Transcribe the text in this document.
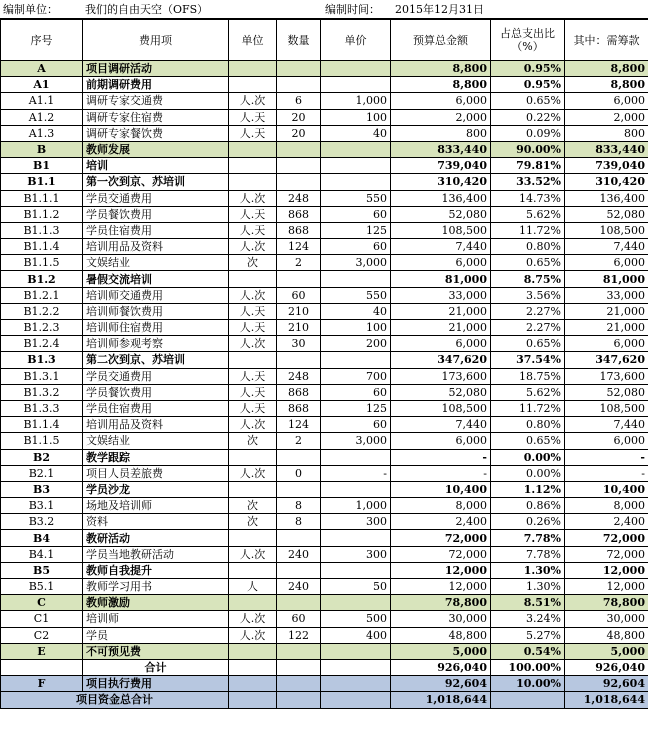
编制单位：	我们的自由天空（OFS）	编制时间：	2015年12月31日
序号	费用项	单位	数量	单价	预算总金额	占总支出比（%）	其中：需筹款
A	项目调研活动				8,800	0.95%	8,800
A1	前期调研费用				8,800	0.95%	8,800
A1.1	调研专家交通费	人.次	6	1,000	6,000	0.65%	6,000
A1.2	调研专家住宿费	人.天	20	100	2,000	0.22%	2,000
A1.3	调研专家餐饮费	人.天	20	40	800	0.09%	800
B	教师发展				833,440	90.00%	833,440
B1	培训				739,040	79.81%	739,040
B1.1	第一次到京、苏培训				310,420	33.52%	310,420
B1.1.1	学员交通费用	人.次	248	550	136,400	14.73%	136,400
B1.1.2	学员餐饮费用	人.天	868	60	52,080	5.62%	52,080
B1.1.3	学员住宿费用	人.天	868	125	108,500	11.72%	108,500
B1.1.4	培训用品及资料	人.次	124	60	7,440	0.80%	7,440
B1.1.5	文娱结业	次	2	3,000	6,000	0.65%	6,000
B1.2	暑假交流培训				81,000	8.75%	81,000
B1.2.1	培训师交通费用	人.次	60	550	33,000	3.56%	33,000
B1.2.2	培训师餐饮费用	人.天	210	40	21,000	2.27%	21,000
B1.2.3	培训师住宿费用	人.天	210	100	21,000	2.27%	21,000
B1.2.4	培训师参观考察	人.次	30	200	6,000	0.65%	6,000
B1.3	第二次到京、苏培训				347,620	37.54%	347,620
B1.3.1	学员交通费用	人.天	248	700	173,600	18.75%	173,600
B1.3.2	学员餐饮费用	人.天	868	60	52,080	5.62%	52,080
B1.3.3	学员住宿费用	人.天	868	125	108,500	11.72%	108,500
B1.1.4	培训用品及资料	人.次	124	60	7,440	0.80%	7,440
B1.1.5	文娱结业	次	2	3,000	6,000	0.65%	6,000
B2	教学跟踪				-	0.00%	-
B2.1	项目人员差旅费	人.次	0	-	-	0.00%	-
B3	学员沙龙				10,400	1.12%	10,400
B3.1	场地及培训师	次	8	1,000	8,000	0.86%	8,000
B3.2	资料	次	8	300	2,400	0.26%	2,400
B4	教研活动				72,000	7.78%	72,000
B4.1	学员当地教研活动	人.次	240	300	72,000	7.78%	72,000
B5	教师自我提升				12,000	1.30%	12,000
B5.1	教师学习用书	人	240	50	12,000	1.30%	12,000
C	教师激励				78,800	8.51%	78,800
C1	培训师	人.次	60	500	30,000	3.24%	30,000
C2	学员	人.次	122	400	48,800	5.27%	48,800
E	不可预见费				5,000	0.54%	5,000
	合计				926,040	100.00%	926,040
F	项目执行费用				92,604	10.00%	92,604
项目资金总合计					1,018,644		1,018,644
